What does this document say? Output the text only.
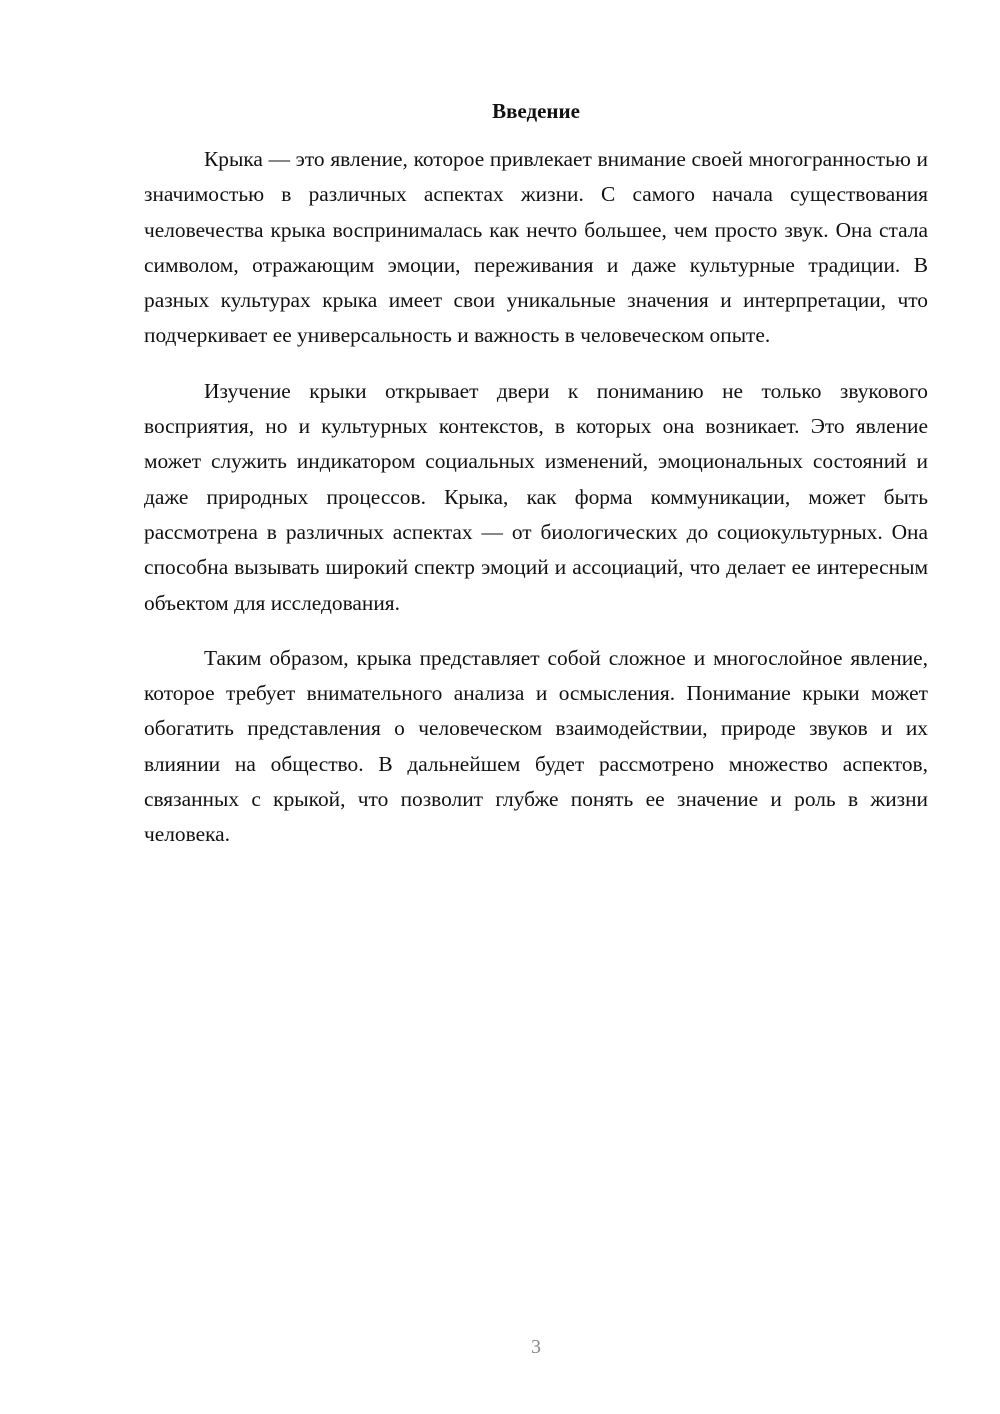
Введение

Крыка — это явление, которое привлекает внимание своей многогранностью и значимостью в различных аспектах жизни. С самого начала существования человечества крыка воспринималась как нечто большее, чем просто звук. Она стала символом, отражающим эмоции, переживания и даже культурные традиции. В разных культурах крыка имеет свои уникальные значения и интерпретации, что подчеркивает ее универсальность и важность в человеческом опыте.

Изучение крыки открывает двери к пониманию не только звукового восприятия, но и культурных контекстов, в которых она возникает. Это явление может служить индикатором социальных изменений, эмоциональных состояний и даже природных процессов. Крыка, как форма коммуникации, может быть рассмотрена в различных аспектах — от биологических до социокультурных. Она способна вызывать широкий спектр эмоций и ассоциаций, что делает ее интересным объектом для исследования.

Таким образом, крыка представляет собой сложное и многослойное явление, которое требует внимательного анализа и осмысления. Понимание крыки может обогатить представления о человеческом взаимодействии, природе звуков и их влиянии на общество. В дальнейшем будет рассмотрено множество аспектов, связанных с крыкой, что позволит глубже понять ее значение и роль в жизни человека.

3
